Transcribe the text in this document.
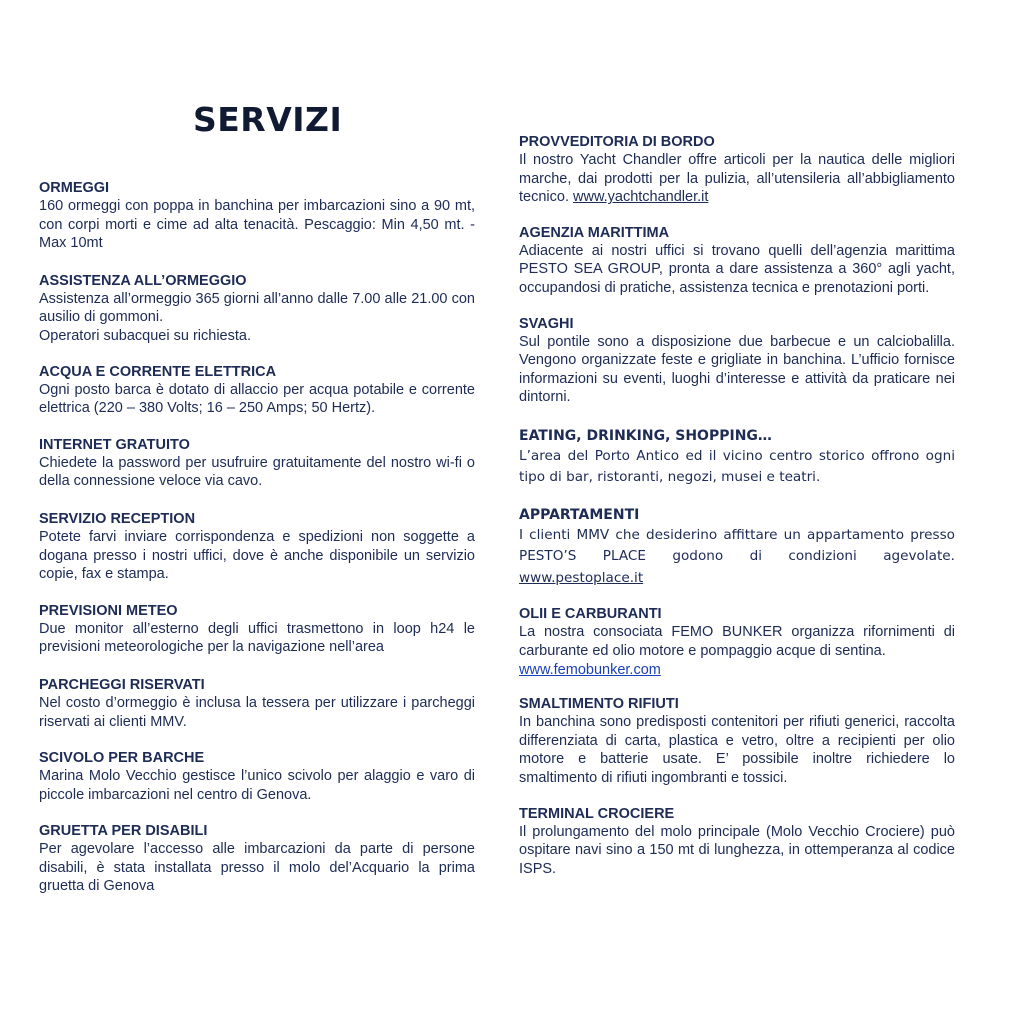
SERVIZI
ORMEGGI

160 ormeggi con poppa in banchina per imbarcazioni sino a 90 mt, con corpi morti e cime ad alta tenacità. Pescaggio: Min 4,50 mt. - Max 10mt

ASSISTENZA ALL’ORMEGGIO

Assistenza all’ormeggio 365 giorni all’anno dalle 7.00 alle 21.00 con ausilio di gommoni.

Operatori subacquei su richiesta.

ACQUA E CORRENTE ELETTRICA

Ogni posto barca è dotato di allaccio per acqua potabile e corrente elettrica (220 – 380 Volts; 16 – 250 Amps; 50 Hertz).

INTERNET GRATUITO

Chiedete la password per usufruire gratuitamente del nostro wi-fi o della connessione veloce via cavo.

SERVIZIO RECEPTION

Potete farvi inviare corrispondenza e spedizioni non soggette a dogana presso i nostri uffici, dove è anche disponibile un servizio copie, fax e stampa.

PREVISIONI METEO

Due monitor all’esterno degli uffici trasmettono in loop h24 le previsioni meteorologiche per la navigazione nell’area

PARCHEGGI RISERVATI

Nel costo d’ormeggio è inclusa la tessera per utilizzare i parcheggi riservati ai clienti MMV.

SCIVOLO PER BARCHE

Marina Molo Vecchio gestisce l’unico scivolo per alaggio e varo di piccole imbarcazioni nel centro di Genova.

GRUETTA PER DISABILI

Per agevolare l’accesso alle imbarcazioni da parte di persone disabili, è stata installata presso il molo del’Acquario la prima gruetta di Genova

PROVVEDITORIA DI BORDO
Il nostro Yacht Chandler offre articoli per la nautica delle migliori marche, dai prodotti per la pulizia, all’utensileria all’abbigliamento tecnico. www.yachtchandler.it
AGENZIA MARITTIMA
Adiacente ai nostri uffici si trovano quelli dell’agenzia marittima PESTO SEA GROUP, pronta a dare assistenza a 360° agli yacht, occupandosi di pratiche, assistenza tecnica e prenotazioni porti.
SVAGHI
Sul pontile sono a disposizione due barbecue e un calciobalilla. Vengono organizzate feste e grigliate in banchina. L’ufficio fornisce informazioni su eventi, luoghi d’interesse e attività da praticare nei dintorni.
EATING, DRINKING, SHOPPING…
L’area del Porto Antico ed il vicino centro storico offrono ogni tipo di bar, ristoranti, negozi, musei e teatri.
APPARTAMENTI
I clienti MMV che desiderino affittare un appartamento presso PESTO’S PLACE godono di condizioni agevolate. www.pestoplace.it
OLII E CARBURANTI
La nostra consociata FEMO BUNKER organizza rifornimenti di carburante ed olio motore e pompaggio acque di sentina.
www.femobunker.com
SMALTIMENTO RIFIUTI
In banchina sono predisposti contenitori per rifiuti generici, raccolta differenziata di carta, plastica e vetro, oltre a recipienti per olio motore e batterie usate. E’ possibile inoltre richiedere lo smaltimento di rifiuti ingombranti e tossici.
TERMINAL CROCIERE
Il prolungamento del molo principale (Molo Vecchio Crociere) può ospitare navi sino a 150 mt di lunghezza, in ottemperanza al codice ISPS.
